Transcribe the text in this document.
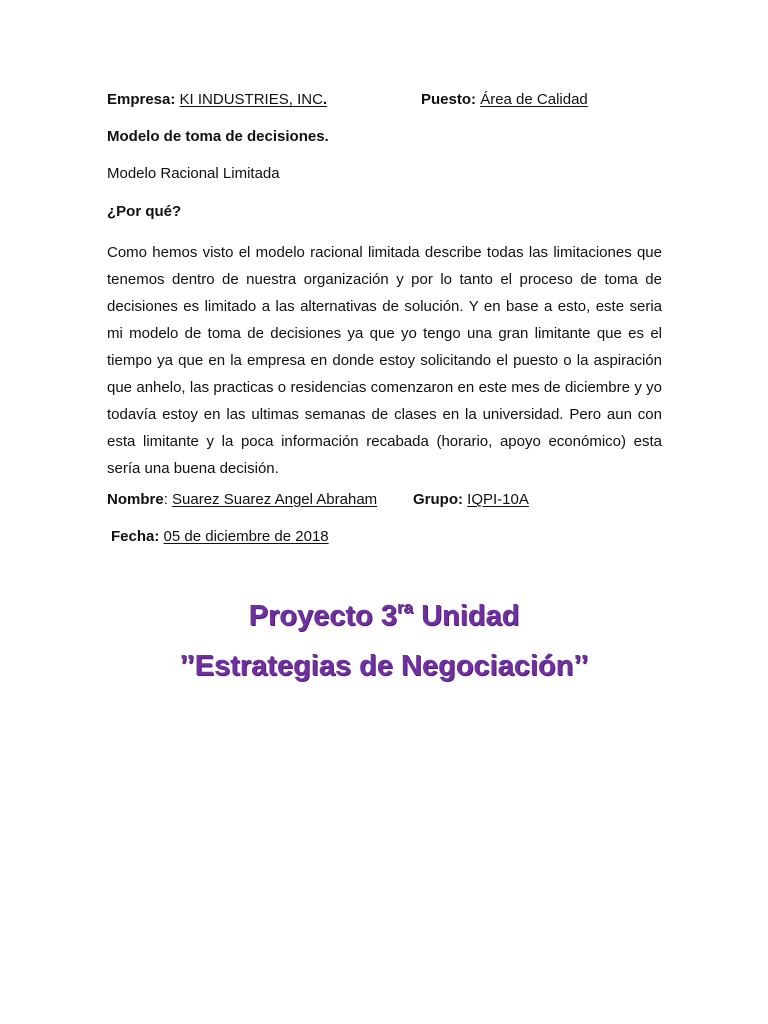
Empresa: KI INDUSTRIES, INC.	Puesto: Área de Calidad
Modelo de toma de decisiones.
Modelo Racional Limitada
¿Por qué?

Como hemos visto el modelo racional limitada describe todas las limitaciones que tenemos dentro de nuestra organización y por lo tanto el proceso de toma de decisiones es limitado a las alternativas de solución. Y en base a esto, este seria mi modelo de toma de decisiones ya que yo tengo una gran limitante que es el tiempo ya que en la empresa en donde estoy solicitando el puesto o la aspiración que anhelo, las practicas o residencias comenzaron en este mes de diciembre y yo todavía estoy en las ultimas semanas de clases en la universidad. Pero aun con esta limitante y la poca información recabada (horario, apoyo económico) esta sería una buena decisión.

Nombre: Suarez Suarez Angel Abraham Grupo: IQPI-10A
Fecha: 05 de diciembre de 2018
Proyecto $3^{ra}$ Unidad
’’Estrategias de Negociación’’
